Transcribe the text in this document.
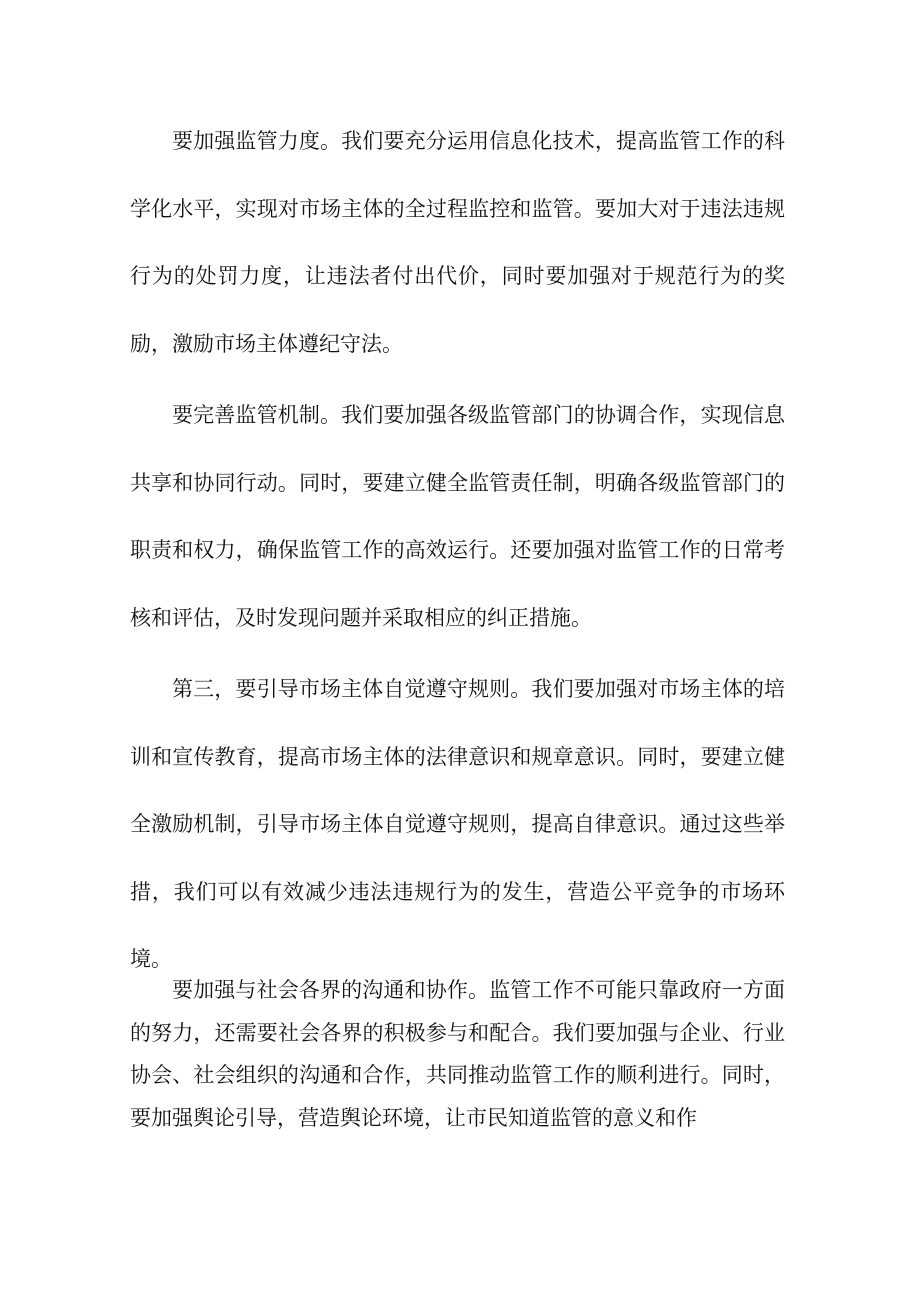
要加强监管力度。我们要充分运用信息化技术，提高监管工作的科学化水平，实现对市场主体的全过程监控和监管。要加大对于违法违规行为的处罚力度，让违法者付出代价，同时要加强对于规范行为的奖励，激励市场主体遵纪守法。

要完善监管机制。我们要加强各级监管部门的协调合作，实现信息共享和协同行动。同时，要建立健全监管责任制，明确各级监管部门的职责和权力，确保监管工作的高效运行。还要加强对监管工作的日常考核和评估，及时发现问题并采取相应的纠正措施。

第三，要引导市场主体自觉遵守规则。我们要加强对市场主体的培训和宣传教育，提高市场主体的法律意识和规章意识。同时，要建立健全激励机制，引导市场主体自觉遵守规则，提高自律意识。通过这些举措，我们可以有效减少违法违规行为的发生，营造公平竞争的市场环境。

要加强与社会各界的沟通和协作。监管工作不可能只靠政府一方面的努力，还需要社会各界的积极参与和配合。我们要加强与企业、行业协会、社会组织的沟通和合作，共同推动监管工作的顺利进行。同时，要加强舆论引导，营造舆论环境，让市民知道监管的意义和作
